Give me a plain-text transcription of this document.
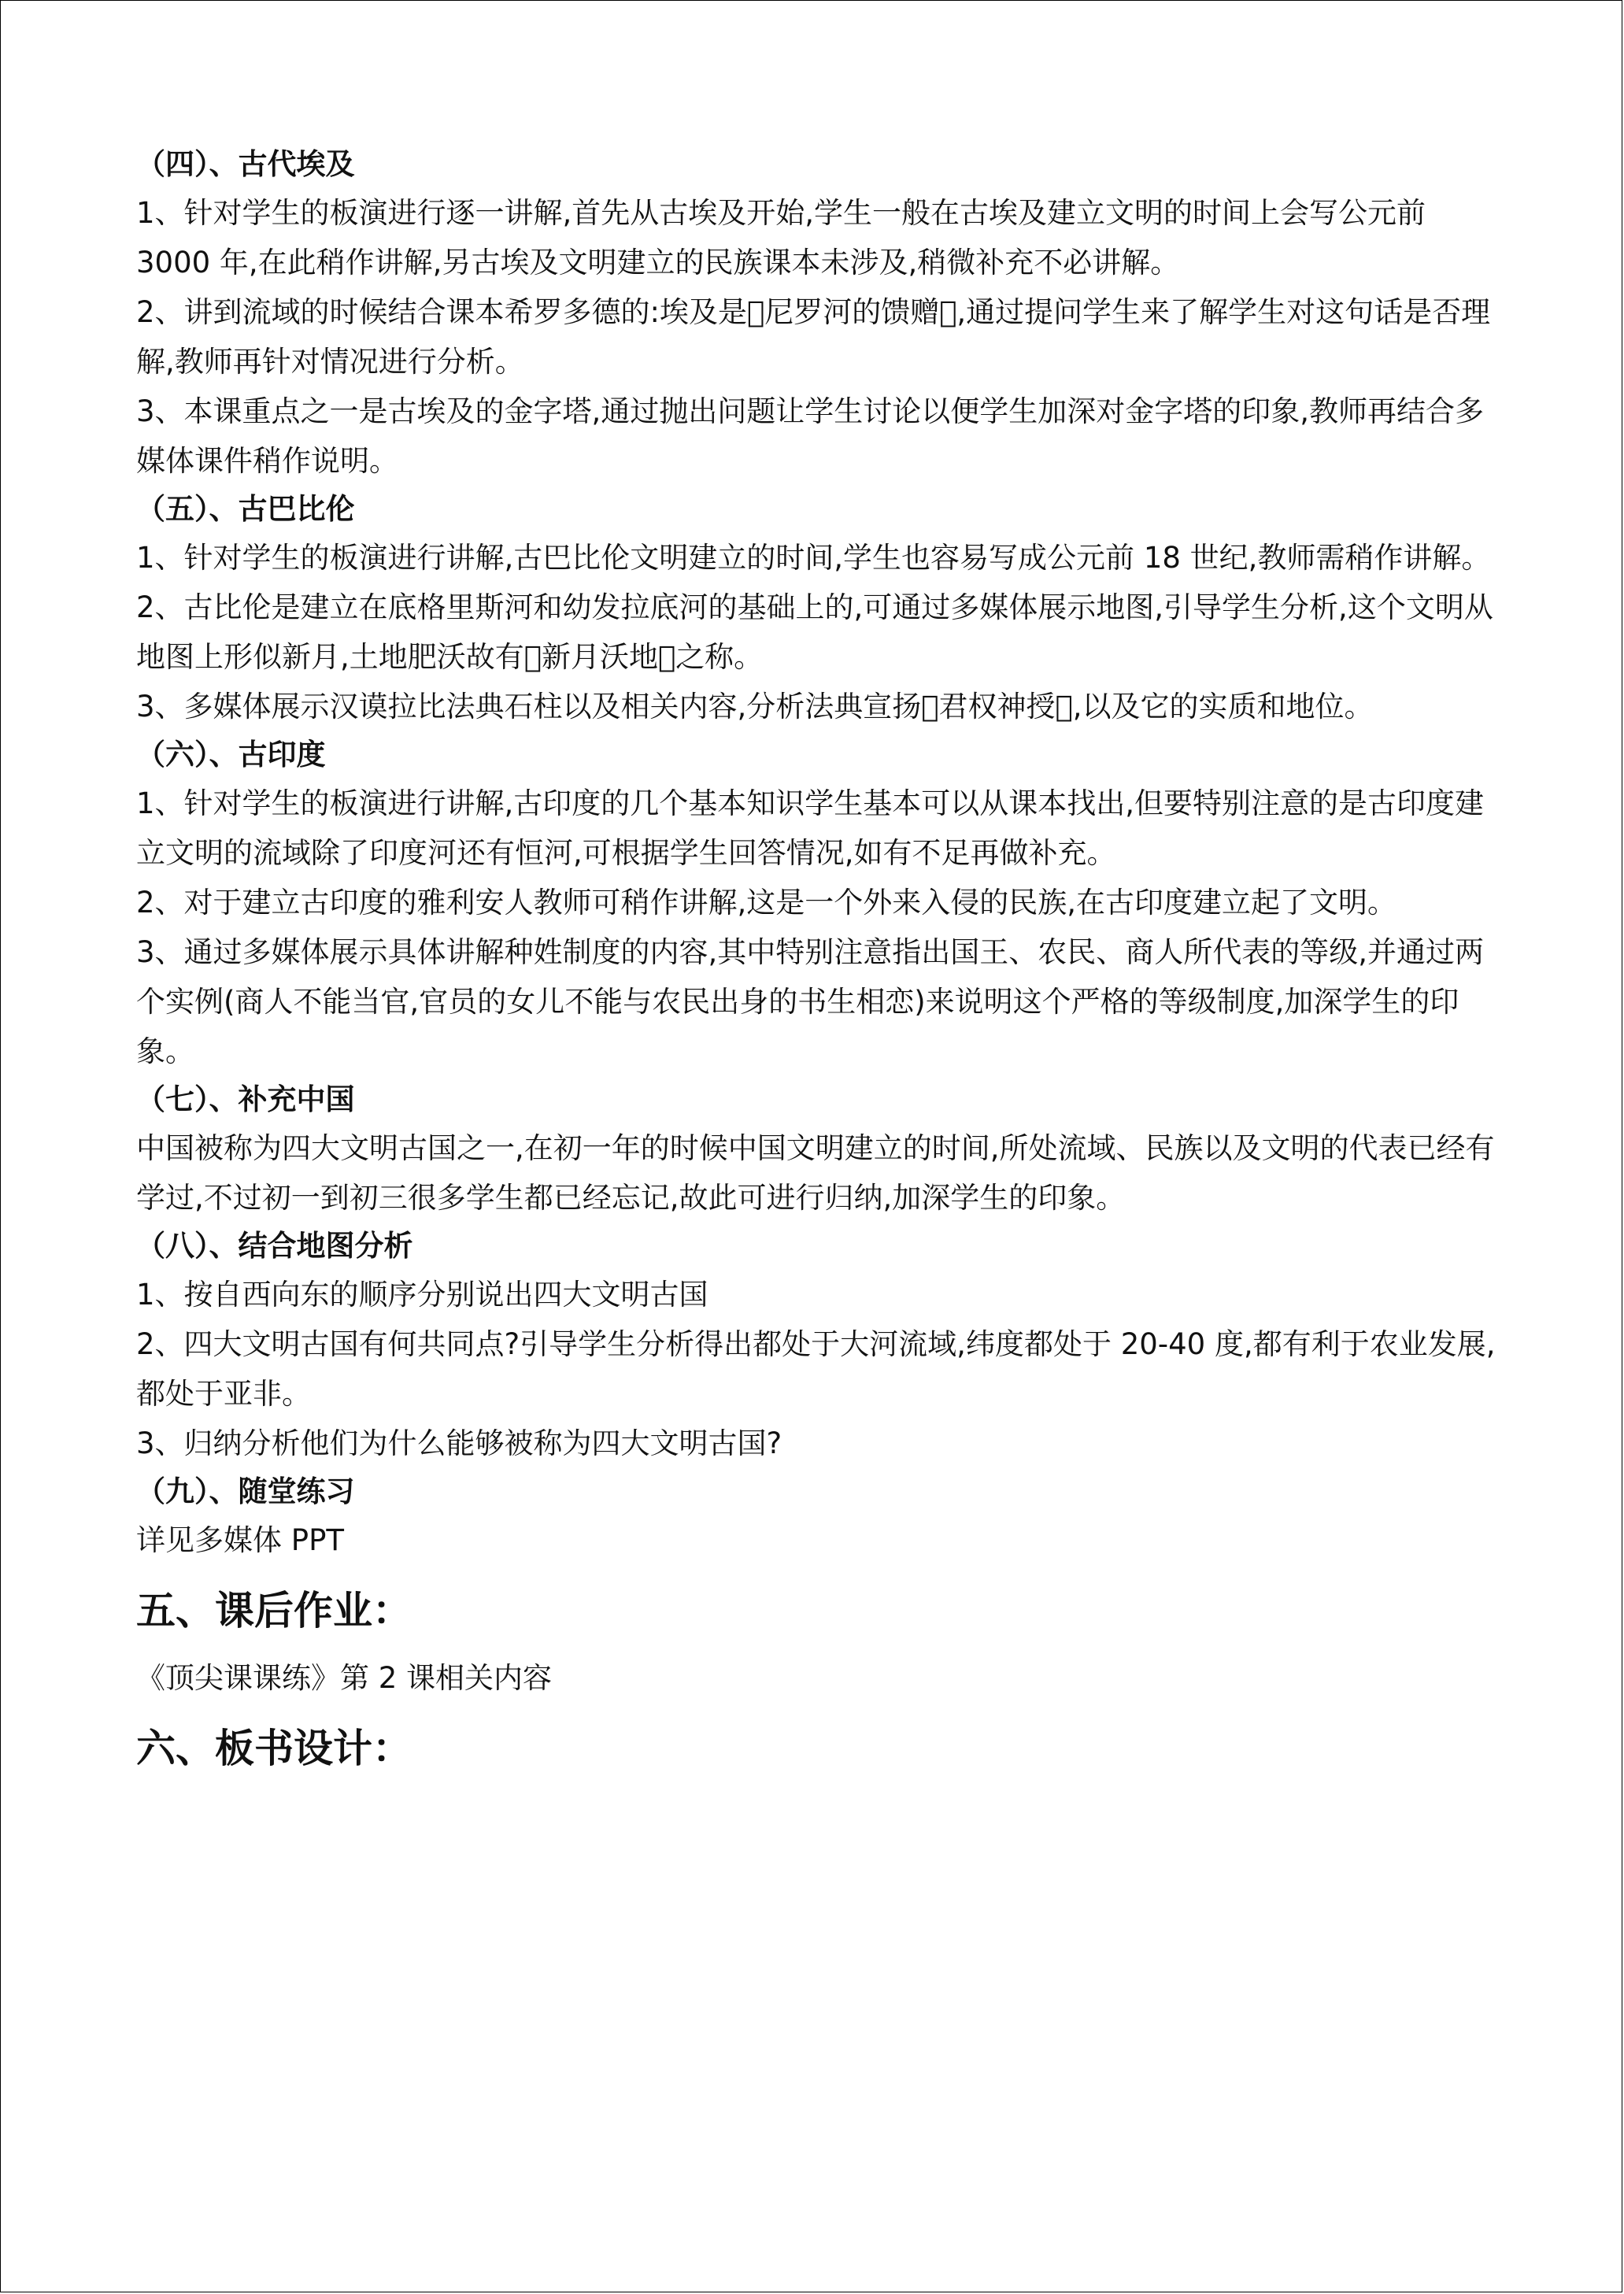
（四）、古代埃及

1、针对学生的板演进行逐一讲解,首先从古埃及开始,学生一般在古埃及建立文明的时间上会写公元前 3000 年,在此稍作讲解,另古埃及文明建立的民族课本未涉及,稍微补充不必讲解。

2、讲到流域的时候结合课本希罗多德的:埃及是 尼罗河的馈赠 ,通过提问学生来了解学生对这句话是否理解,教师再针对情况进行分析。

3、本课重点之一是古埃及的金字塔,通过抛出问题让学生讨论以便学生加深对金字塔的印象,教师再结合多媒体课件稍作说明。

（五）、古巴比伦

1、针对学生的板演进行讲解,古巴比伦文明建立的时间,学生也容易写成公元前 18 世纪,教师需稍作讲解。

2、古比伦是建立在底格里斯河和幼发拉底河的基础上的,可通过多媒体展示地图,引导学生分析,这个文明从地图上形似新月,土地肥沃故有 新月沃地 之称。

3、多媒体展示汉谟拉比法典石柱以及相关内容,分析法典宣扬 君权神授 ,以及它的实质和地位。

（六）、古印度

1、针对学生的板演进行讲解,古印度的几个基本知识学生基本可以从课本找出,但要特别注意的是古印度建立文明的流域除了印度河还有恒河,可根据学生回答情况,如有不足再做补充。

2、对于建立古印度的雅利安人教师可稍作讲解,这是一个外来入侵的民族,在古印度建立起了文明。

3、通过多媒体展示具体讲解种姓制度的内容,其中特别注意指出国王、农民、商人所代表的等级,并通过两个实例(商人不能当官,官员的女儿不能与农民出身的书生相恋)来说明这个严格的等级制度,加深学生的印象。

（七）、补充中国

中国被称为四大文明古国之一,在初一年的时候中国文明建立的时间,所处流域、民族以及文明的代表已经有学过,不过初一到初三很多学生都已经忘记,故此可进行归纳,加深学生的印象。

（八）、结合地图分析

1、按自西向东的顺序分别说出四大文明古国

2、四大文明古国有何共同点?引导学生分析得出都处于大河流域,纬度都处于 20-40 度,都有利于农业发展,都处于亚非。

3、归纳分析他们为什么能够被称为四大文明古国?

（九）、随堂练习

详见多媒体 PPT

五、课后作业：
《顶尖课课练》第 2 课相关内容
六、板书设计：
